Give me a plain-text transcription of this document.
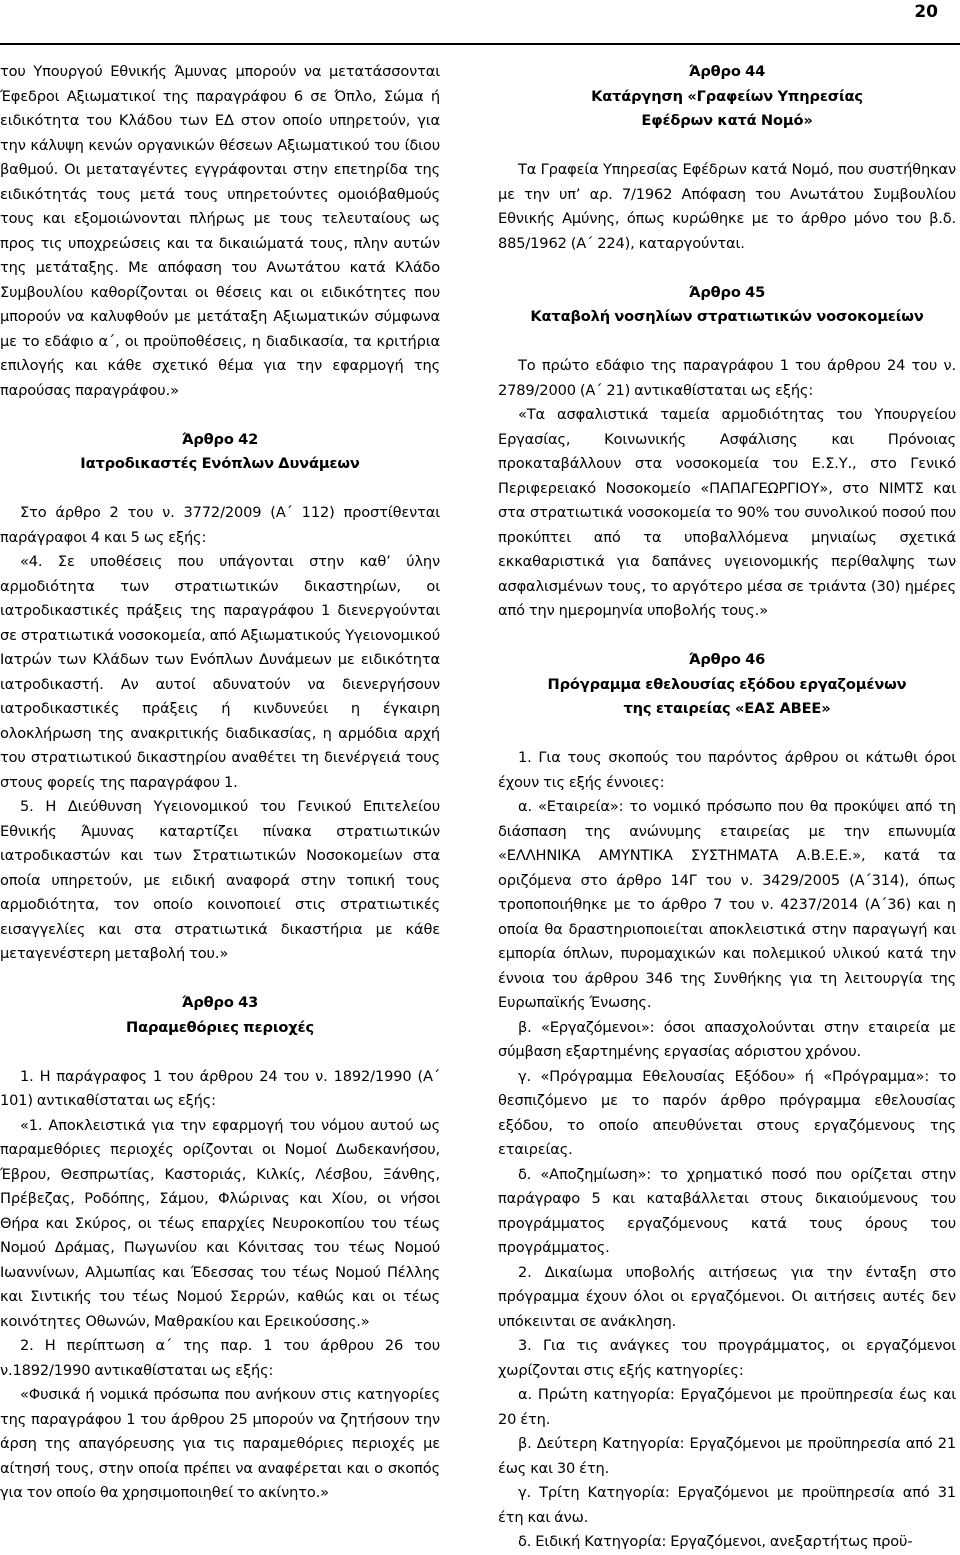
20

του Υπουργού Εθνικής Άμυνας μπορούν να μετατάσσονται Έφεδροι Αξιωματικοί της παραγράφου 6 σε Όπλο, Σώμα ή ειδικότητα του Κλάδου των ΕΔ στον οποίο υπηρετούν, για την κάλυψη κενών οργανικών θέσεων Αξιωματικού του ίδιου βαθμού. Οι μεταταγέντες εγγράφονται στην επετηρίδα της ειδικότητάς τους μετά τους υπηρετούντες ομοιόβαθμούς τους και εξομοιώνονται πλήρως με τους τελευταίους ως προς τις υποχρεώσεις και τα δικαιώματά τους, πλην αυτών της μετάταξης. Με απόφαση του Ανωτάτου κατά Κλάδο Συμβουλίου καθορίζονται οι θέσεις και οι ειδικότητες που μπορούν να καλυφθούν με μετάταξη Αξιωματικών σύμφωνα με το εδάφιο α΄, οι προϋποθέσεις, η διαδικασία, τα κριτήρια επιλογής και κάθε σχετικό θέμα για την εφαρμογή της παρούσας παραγράφου.»

Άρθρο 42
Ιατροδικαστές Ενόπλων Δυνάμεων

Στο άρθρο 2 του ν. 3772/2009 (Α΄ 112) προστίθενται παράγραφοι 4 και 5 ως εξής:

«4. Σε υποθέσεις που υπάγονται στην καθ’ ύλην αρμοδιότητα των στρατιωτικών δικαστηρίων, οι ιατροδικαστικές πράξεις της παραγράφου 1 διενεργούνται σε στρατιωτικά νοσοκομεία, από Αξιωματικούς Υγειονομικού Ιατρών των Κλάδων των Ενόπλων Δυνάμεων με ειδικότητα ιατροδικαστή. Αν αυτοί αδυνατούν να διενεργήσουν ιατροδικαστικές πράξεις ή κινδυνεύει η έγκαιρη ολοκλήρωση της ανακριτικής διαδικασίας, η αρμόδια αρχή του στρατιωτικού δικαστηρίου αναθέτει τη διενέργειά τους στους φορείς της παραγράφου 1.

5. Η Διεύθυνση Υγειονομικού του Γενικού Επιτελείου Εθνικής Άμυνας καταρτίζει πίνακα στρατιωτικών ιατροδικαστών και των Στρατιωτικών Νοσοκομείων στα οποία υπηρετούν, με ειδική αναφορά στην τοπική τους αρμοδιότητα, τον οποίο κοινοποιεί στις στρατιωτικές εισαγγελίες και στα στρατιωτικά δικαστήρια με κάθε μεταγενέστερη μεταβολή του.»

Άρθρο 43
Παραμεθόριες περιοχές

1. Η παράγραφος 1 του άρθρου 24 του ν. 1892/1990 (Α΄ 101) αντικαθίσταται ως εξής:

«1. Αποκλειστικά για την εφαρμογή του νόμου αυτού ως παραμεθόριες περιοχές ορίζονται οι Νομοί Δωδεκανήσου, Έβρου, Θεσπρωτίας, Καστοριάς, Κιλκίς, Λέσβου, Ξάνθης, Πρέβεζας, Ροδόπης, Σάμου, Φλώρινας και Χίου, οι νήσοι Θήρα και Σκύρος, οι τέως επαρχίες Νευροκοπίου του τέως Νομού Δράμας, Πωγωνίου και Κόνιτσας του τέως Νομού Ιωαννίνων, Αλμωπίας και Έδεσσας του τέως Νομού Πέλλης και Σιντικής του τέως Νομού Σερρών, καθώς και οι τέως κοινότητες Οθωνών, Μαθρακίου και Ερεικούσσης.»

2. Η περίπτωση α΄ της παρ. 1 του άρθρου 26 του ν.1892/1990 αντικαθίσταται ως εξής:

«Φυσικά ή νομικά πρόσωπα που ανήκουν στις κατηγορίες της παραγράφου 1 του άρθρου 25 μπορούν να ζητήσουν την άρση της απαγόρευσης για τις παραμεθόριες περιοχές με αίτησή τους, στην οποία πρέπει να αναφέρεται και ο σκοπός για τον οποίο θα χρησιμοποιηθεί το ακίνητο.»

Άρθρο 44
Κατάργηση «Γραφείων Υπηρεσίας
Εφέδρων κατά Νομό»

Τα Γραφεία Υπηρεσίας Εφέδρων κατά Νομό, που συστήθηκαν με την υπ’ αρ. 7/1962 Απόφαση του Ανωτάτου Συμβουλίου Εθνικής Αμύνης, όπως κυρώθηκε με το άρθρο μόνο του β.δ. 885/1962 (Α΄ 224), καταργούνται.

Άρθρο 45
Καταβολή νοσηλίων στρατιωτικών νοσοκομείων

Το πρώτο εδάφιο της παραγράφου 1 του άρθρου 24 του ν. 2789/2000 (Α΄ 21) αντικαθίσταται ως εξής:

«Τα ασφαλιστικά ταμεία αρμοδιότητας του Υπουργείου Εργασίας, Κοινωνικής Ασφάλισης και Πρόνοιας προκαταβάλλουν στα νοσοκομεία του Ε.Σ.Υ., στο Γενικό Περιφερειακό Νοσοκομείο «ΠΑΠΑΓΕΩΡΓΙΟΥ», στο ΝΙΜΤΣ και στα στρατιωτικά νοσοκομεία το 90% του συνολικού ποσού που προκύπτει από τα υποβαλλόμενα μηνιαίως σχετικά εκκαθαριστικά για δαπάνες υγειονομικής περίθαλψης των ασφαλισμένων τους, το αργότερο μέσα σε τριάντα (30) ημέρες από την ημερομηνία υποβολής τους.»

Άρθρο 46
Πρόγραμμα εθελουσίας εξόδου εργαζομένων
της εταιρείας «ΕΑΣ ΑΒΕΕ»

1. Για τους σκοπούς του παρόντος άρθρου οι κάτωθι όροι έχουν τις εξής έννοιες:

α. «Εταιρεία»: το νομικό πρόσωπο που θα προκύψει από τη διάσπαση της ανώνυμης εταιρείας με την επωνυμία «ΕΛΛΗΝΙΚΑ ΑΜΥΝΤΙΚΑ ΣΥΣΤΗΜΑΤΑ Α.Β.Ε.Ε.», κατά τα οριζόμενα στο άρθρο 14Γ του ν. 3429/2005 (Α΄314), όπως τροποποιήθηκε με το άρθρο 7 του ν. 4237/2014 (Α΄36) και η οποία θα δραστηριοποιείται αποκλειστικά στην παραγωγή και εμπορία όπλων, πυρομαχικών και πολεμικού υλικού κατά την έννοια του άρθρου 346 της Συνθήκης για τη λειτουργία της Ευρωπαϊκής Ένωσης.

β. «Εργαζόμενοι»: όσοι απασχολούνται στην εταιρεία με σύμβαση εξαρτημένης εργασίας αόριστου χρόνου.

γ. «Πρόγραμμα Εθελουσίας Εξόδου» ή «Πρόγραμμα»: το θεσπιζόμενο με το παρόν άρθρο πρόγραμμα εθελουσίας εξόδου, το οποίο απευθύνεται στους εργαζόμενους της εταιρείας.

δ. «Αποζημίωση»: το χρηματικό ποσό που ορίζεται στην παράγραφο 5 και καταβάλλεται στους δικαιούμενους του προγράμματος εργαζόμενους κατά τους όρους του προγράμματος.

2. Δικαίωμα υποβολής αιτήσεως για την ένταξη στο πρόγραμμα έχουν όλοι οι εργαζόμενοι. Οι αιτήσεις αυτές δεν υπόκεινται σε ανάκληση.

3. Για τις ανάγκες του προγράμματος, οι εργαζόμενοι χωρίζονται στις εξής κατηγορίες:

α. Πρώτη κατηγορία: Εργαζόμενοι με προϋπηρεσία έως και 20 έτη.

β. Δεύτερη Κατηγορία: Εργαζόμενοι με προϋπηρεσία από 21 έως και 30 έτη.

γ. Τρίτη Κατηγορία: Εργαζόμενοι με προϋπηρεσία από 31 έτη και άνω.

δ. Ειδική Κατηγορία: Εργαζόμενοι, ανεξαρτήτως προϋ-
